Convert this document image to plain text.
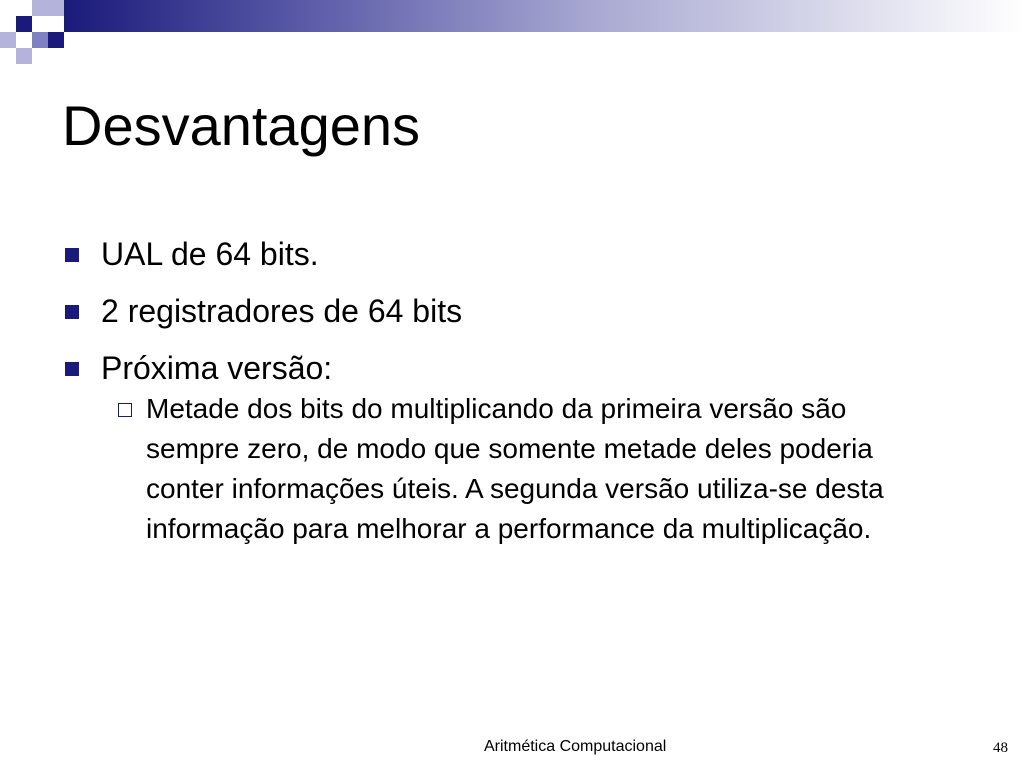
Desvantagens
UAL de 64 bits.
2 registradores de 64 bits
Próxima versão:
Metade dos bits do multiplicando da primeira versão são sempre zero, de modo que somente metade deles poderia conter informações úteis. A segunda versão utiliza-se desta informação para melhorar a performance da multiplicação.
Aritmética Computacional	48
